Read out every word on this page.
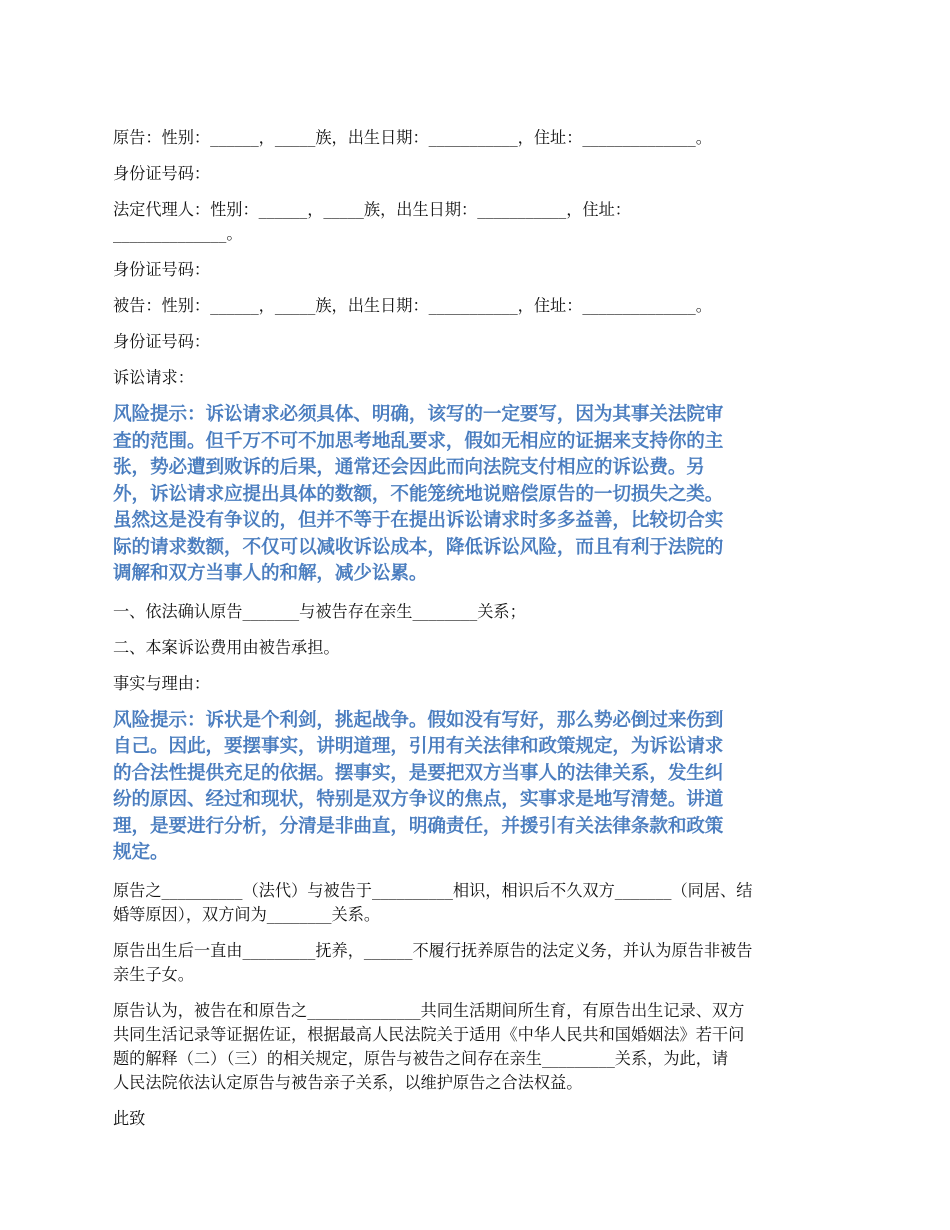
原告：性别：______，_____族，出生日期：___________，住址：______________。

身份证号码：

法定代理人：性别：______，_____族，出生日期：___________，住址：

______________。

身份证号码：

被告：性别：______，_____族，出生日期：___________，住址：______________。

身份证号码：

诉讼请求：

风险提示：诉讼请求必须具体、明确，该写的一定要写，因为其事关法院审

查的范围。但千万不可不加思考地乱要求，假如无相应的证据来支持你的主

张，势必遭到败诉的后果，通常还会因此而向法院支付相应的诉讼费。另

外，诉讼请求应提出具体的数额，不能笼统地说赔偿原告的一切损失之类。

虽然这是没有争议的，但并不等于在提出诉讼请求时多多益善，比较切合实

际的请求数额，不仅可以减收诉讼成本，降低诉讼风险，而且有利于法院的

调解和双方当事人的和解，减少讼累。

一、依法确认原告_______与被告存在亲生________关系；

二、本案诉讼费用由被告承担。

事实与理由：

风险提示：诉状是个利剑，挑起战争。假如没有写好，那么势必倒过来伤到

自己。因此，要摆事实，讲明道理，引用有关法律和政策规定，为诉讼请求

的合法性提供充足的依据。摆事实，是要把双方当事人的法律关系，发生纠

纷的原因、经过和现状，特别是双方争议的焦点，实事求是地写清楚。讲道

理，是要进行分析，分清是非曲直，明确责任，并援引有关法律条款和政策

规定。

原告之__________（法代）与被告于__________相识，相识后不久双方_______（同居、结

婚等原因），双方间为________关系。

原告出生后一直由_________抚养，______不履行抚养原告的法定义务，并认为原告非被告

亲生子女。

原告认为，被告在和原告之______________共同生活期间所生育，有原告出生记录、双方

共同生活记录等证据佐证，根据最高人民法院关于适用《中华人民共和国婚姻法》若干问

题的解释（二）（三）的相关规定，原告与被告之间存在亲生_________关系，为此，请

人民法院依法认定原告与被告亲子关系，以维护原告之合法权益。

此致
